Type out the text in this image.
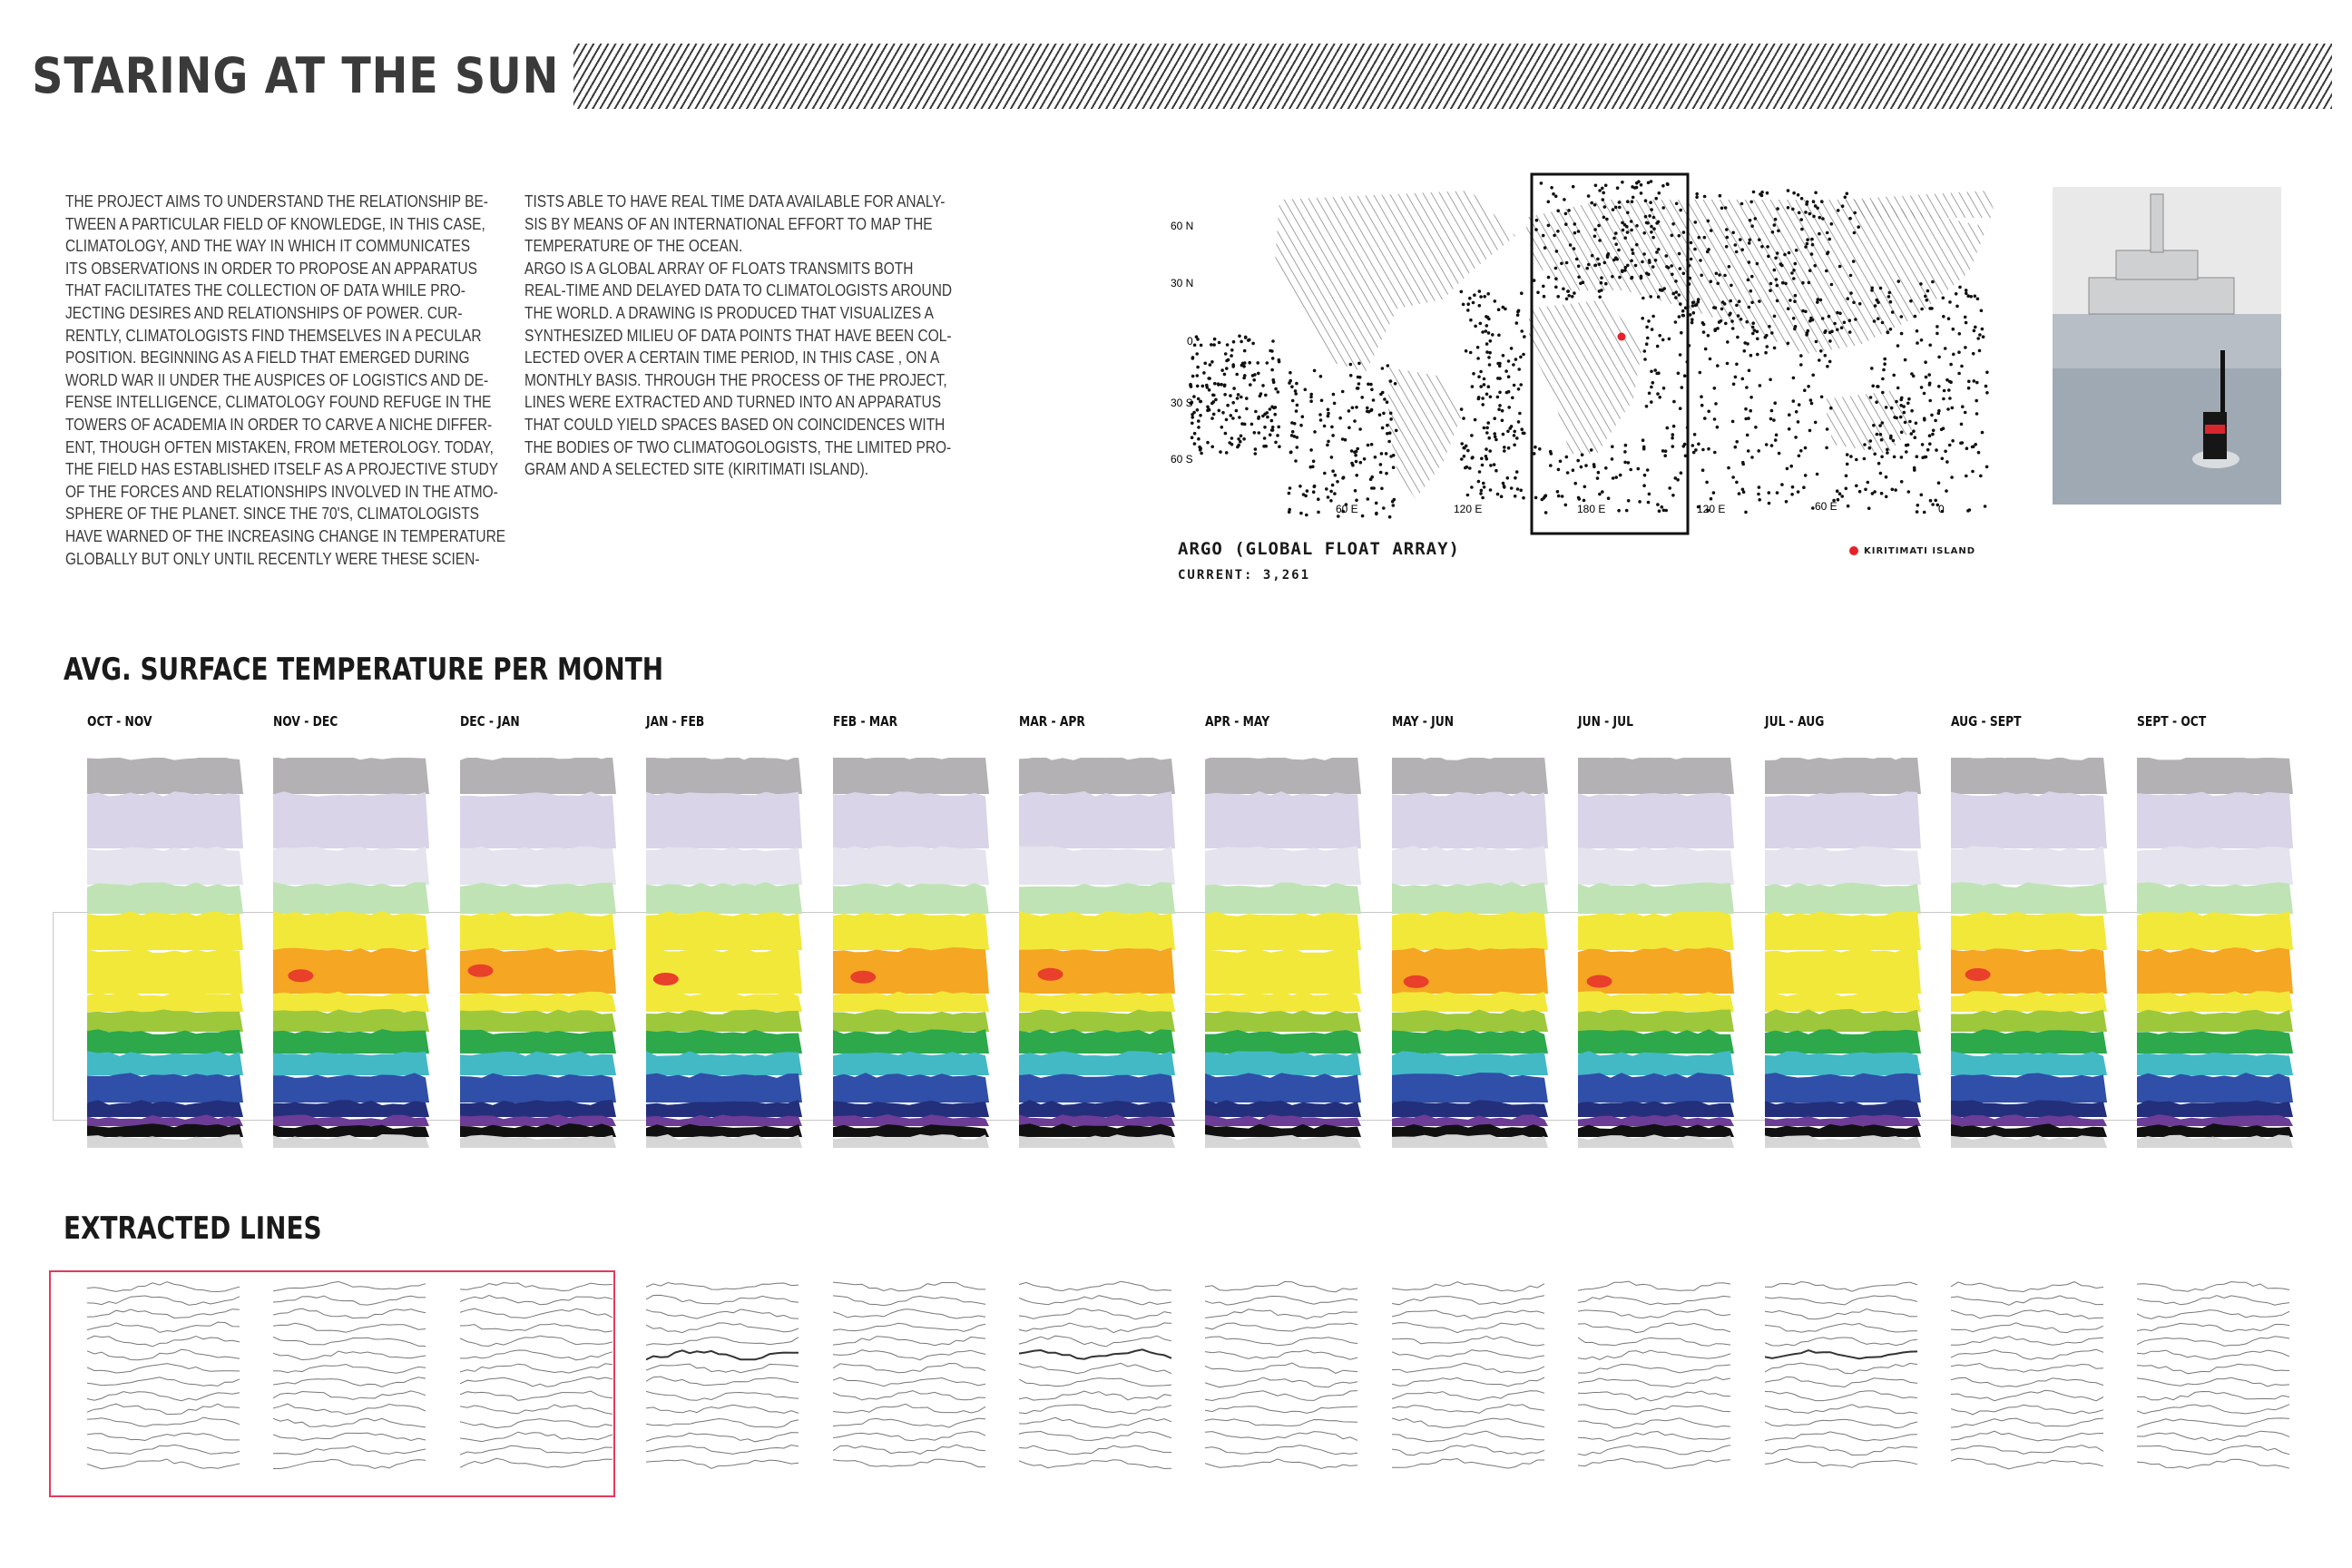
STARING AT THE SUN
THE PROJECT AIMS TO UNDERSTAND THE RELATIONSHIP BE-
TWEEN A PARTICULAR FIELD OF KNOWLEDGE, IN THIS CASE,
CLIMATOLOGY, AND THE WAY IN WHICH IT COMMUNICATES
ITS OBSERVATIONS IN ORDER TO PROPOSE AN APPARATUS
THAT FACILITATES THE COLLECTION OF DATA WHILE PRO-
JECTING DESIRES AND RELATIONSHIPS OF POWER. CUR-
RENTLY, CLIMATOLOGISTS FIND THEMSELVES IN A PECULAR
POSITION. BEGINNING AS A FIELD THAT EMERGED DURING
WORLD WAR II UNDER THE AUSPICES OF LOGISTICS AND DE-
FENSE INTELLIGENCE, CLIMATOLOGY FOUND REFUGE IN THE
TOWERS OF ACADEMIA IN ORDER TO CARVE A NICHE DIFFER-
ENT, THOUGH OFTEN MISTAKEN, FROM METEROLOGY. TODAY,
THE FIELD HAS ESTABLISHED ITSELF AS A PROJECTIVE STUDY
OF THE FORCES AND RELATIONSHIPS INVOLVED IN THE ATMO-
SPHERE OF THE PLANET. SINCE THE 70'S, CLIMATOLOGISTS
HAVE WARNED OF THE INCREASING CHANGE IN TEMPERATURE
GLOBALLY BUT ONLY UNTIL RECENTLY WERE THESE SCIEN-
TISTS ABLE TO HAVE REAL TIME DATA AVAILABLE FOR ANALY-
SIS BY MEANS OF AN INTERNATIONAL EFFORT TO MAP THE
TEMPERATURE OF THE OCEAN.
ARGO IS A GLOBAL ARRAY OF FLOATS TRANSMITS BOTH
REAL-TIME AND DELAYED DATA TO CLIMATOLOGISTS AROUND
THE WORLD. A DRAWING IS PRODUCED THAT VISUALIZES A
SYNTHESIZED MILIEU OF DATA POINTS THAT HAVE BEEN COL-
LECTED OVER A CERTAIN TIME PERIOD, IN THIS CASE , ON A
MONTHLY BASIS. THROUGH THE PROCESS OF THE PROJECT,
LINES WERE EXTRACTED AND TURNED INTO AN APPARATUS
THAT COULD YIELD SPACES BASED ON COINCIDENCES WITH
THE BODIES OF TWO CLIMATOGOLOGISTS, THE LIMITED PRO-
GRAM AND A SELECTED SITE (KIRITIMATI ISLAND).
60 N
30 N
0
30 S
60 S
60 E	120 E	180 E	120 E	60 E	0
ARGO (GLOBAL FLOAT ARRAY)
CURRENT: 3,261
KIRITIMATI ISLAND
AVG. SURFACE TEMPERATURE PER MONTH
OCT - NOV	NOV - DEC	DEC - JAN	JAN - FEB	FEB - MAR	MAR - APR	APR - MAY	MAY - JUN	JUN - JUL	JUL - AUG	AUG - SEPT	SEPT - OCT
EXTRACTED LINES
